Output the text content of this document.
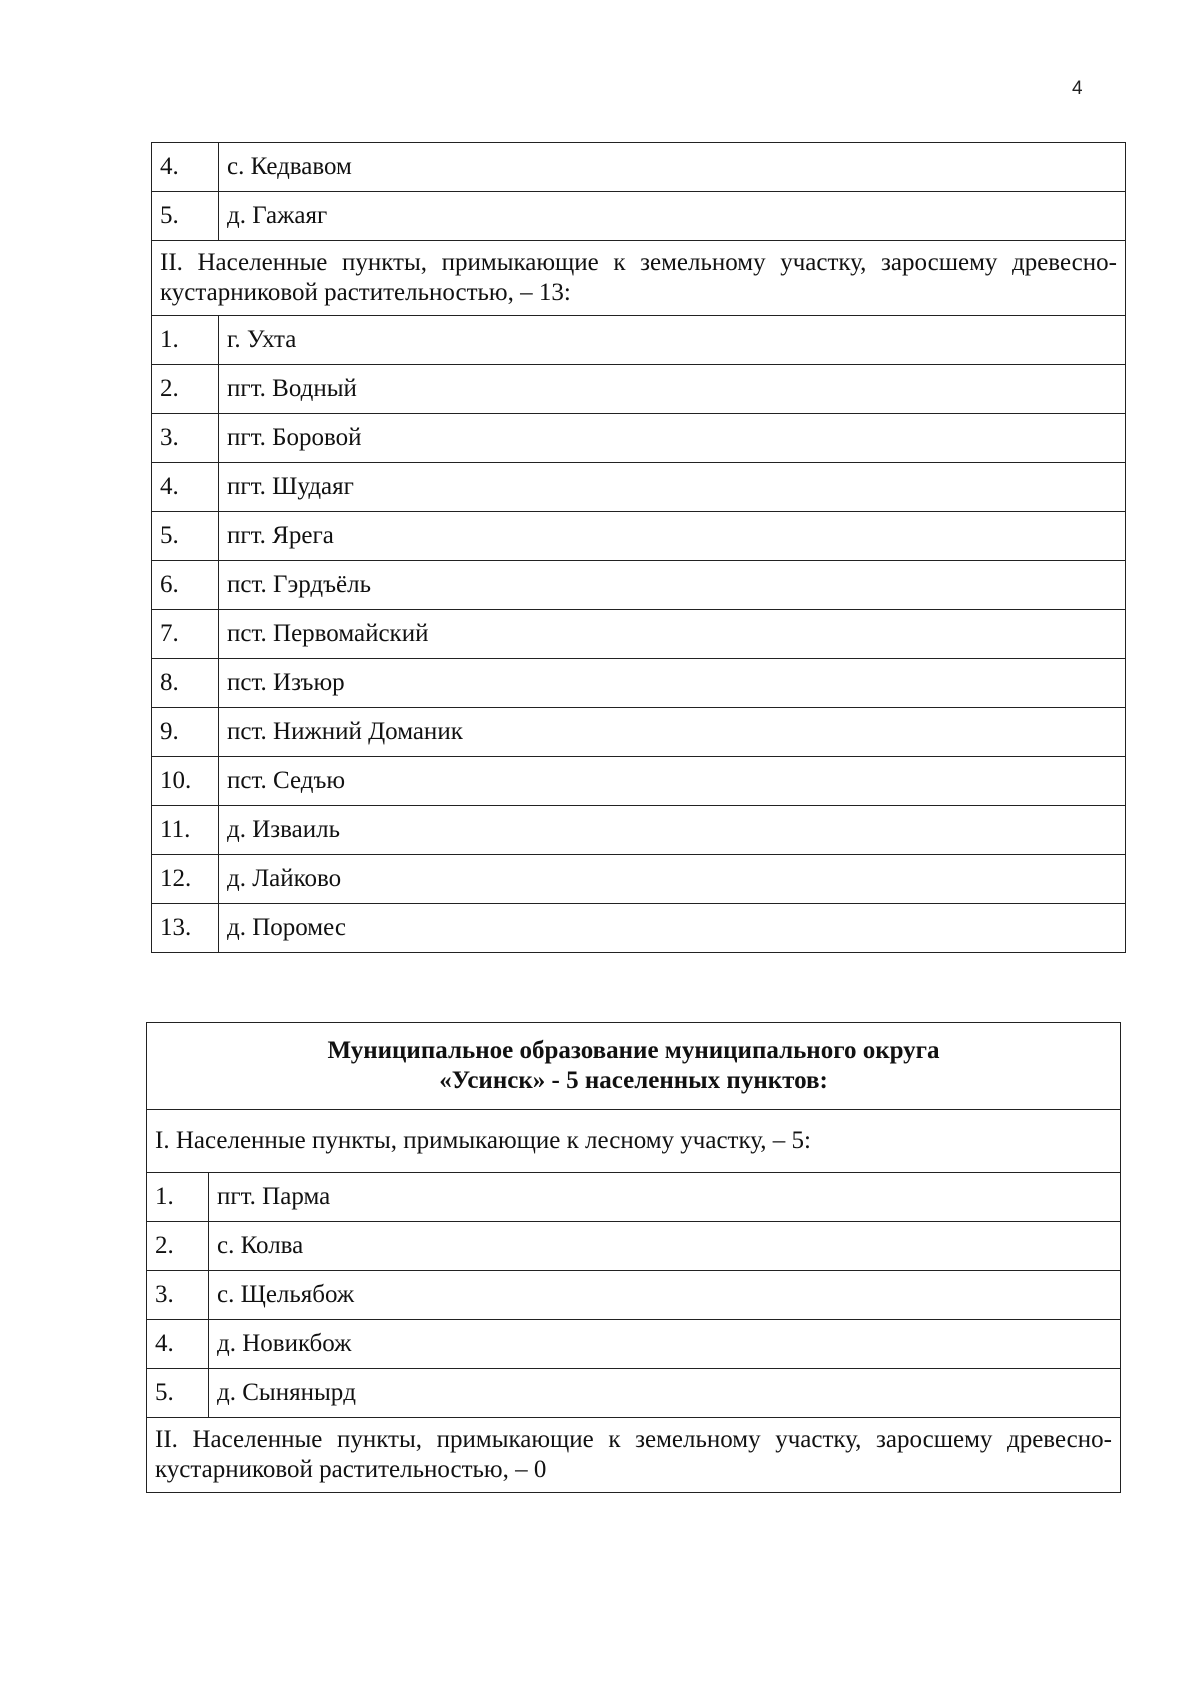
4
4.	с. Кедвавом
5.	д. Гажаяг
II. Населенные пункты, примыкающие к земельному участку, заросшему древесно-кустарниковой растительностью, – 13:	
1.	г. Ухта
2.	пгт. Водный
3.	пгт. Боровой
4.	пгт. Шудаяг
5.	пгт. Ярега
6.	пст. Гэрдъёль
7.	пст. Первомайский
8.	пст. Изъюр
9.	пст. Нижний Доманик
10.	пст. Седъю
11.	д. Изваиль
12.	д. Лайково
13.	д. Поромес
Муниципальное образование муниципального округа
«Усинск» - 5 населенных пунктов:	

I. Населенные пункты, примыкающие к лесному участку, – 5:	
1.	пгт. Парма
2.	с. Колва
3.	с. Щельябож
4.	д. Новикбож
5.	д. Сыняныpд
II. Населенные пункты, примыкающие к земельному участку, заросшему древесно-кустарниковой растительностью, – 0	
